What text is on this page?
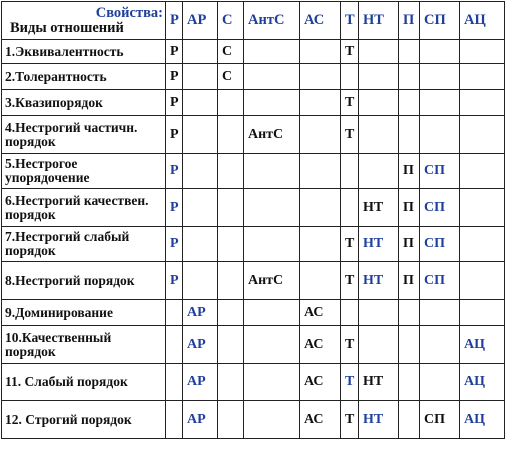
Свойства:
Виды отношений	Р	АР	С	АнтС	АС	Т	НТ	П	СП	АЦ
1.Эквивалентность	Р		С			Т				
2.Толерантность	Р		С							
3.Квазипорядок	Р					Т				
4.Нестрогий частичн. порядок	Р			АнтС		Т				
5.Нестрогое упорядочение	Р							П	СП	
6.Нестрогий качествен. порядок	Р						НТ	П	СП	
7.Нестрогий слабый порядок	Р					Т	НТ	П	СП	
8.Нестрогий порядок	Р			АнтС		Т	НТ	П	СП	
9.Доминирование		АР			АС					
10.Качественный порядок		АР			АС	Т				АЦ
11. Слабый порядок		АР			АС	Т	НТ			АЦ
12. Строгий порядок		АР			АС	Т	НТ		СП	АЦ
